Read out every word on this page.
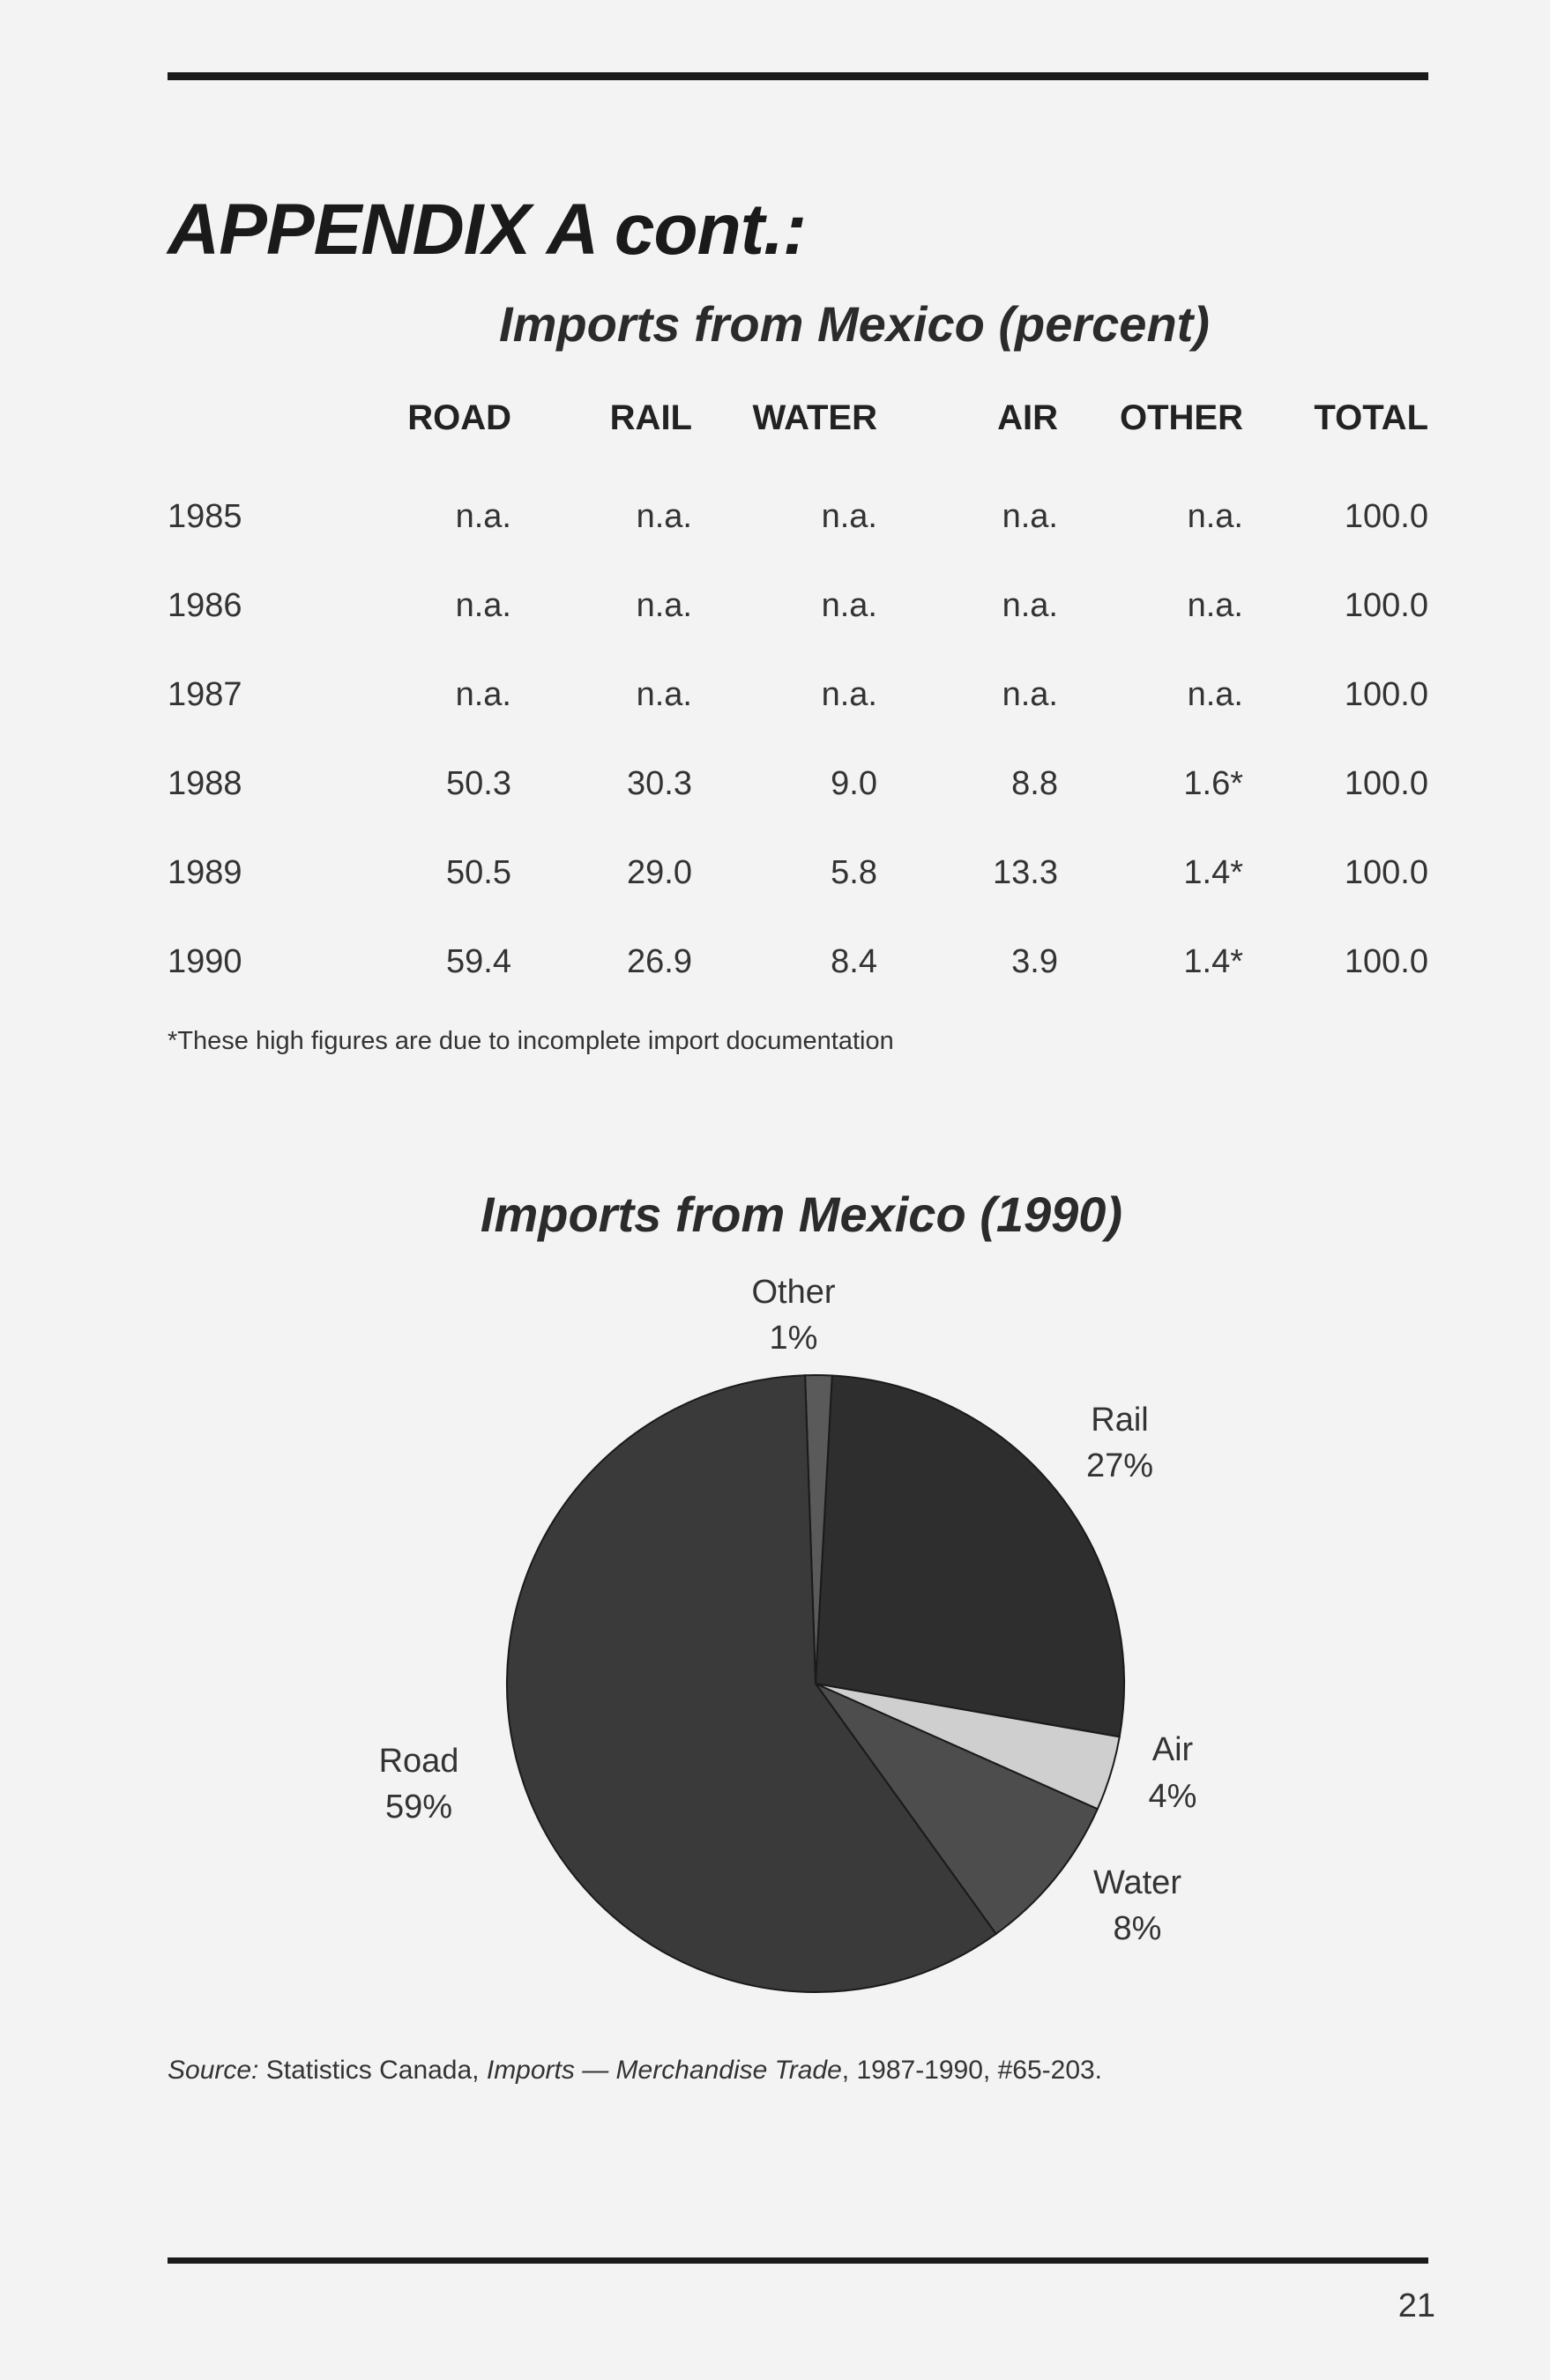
APPENDIX A cont.:
Imports from Mexico (percent)
	ROAD	RAIL	WATER	AIR	OTHER	TOTAL
1985	n.a.	n.a.	n.a.	n.a.	n.a.	100.0
1986	n.a.	n.a.	n.a.	n.a.	n.a.	100.0
1987	n.a.	n.a.	n.a.	n.a.	n.a.	100.0
1988	50.3	30.3	9.0	8.8	1.6*	100.0
1989	50.5	29.0	5.8	13.3	1.4*	100.0
1990	59.4	26.9	8.4	3.9	1.4*	100.0
*These high figures are due to incomplete import documentation
Imports from Mexico (1990)
Other
1%
Rail
27%
Air
4%
Water
8%
Road
59%
Source: Statistics Canada, Imports — Merchandise Trade, 1987-1990, #65-203.
21
